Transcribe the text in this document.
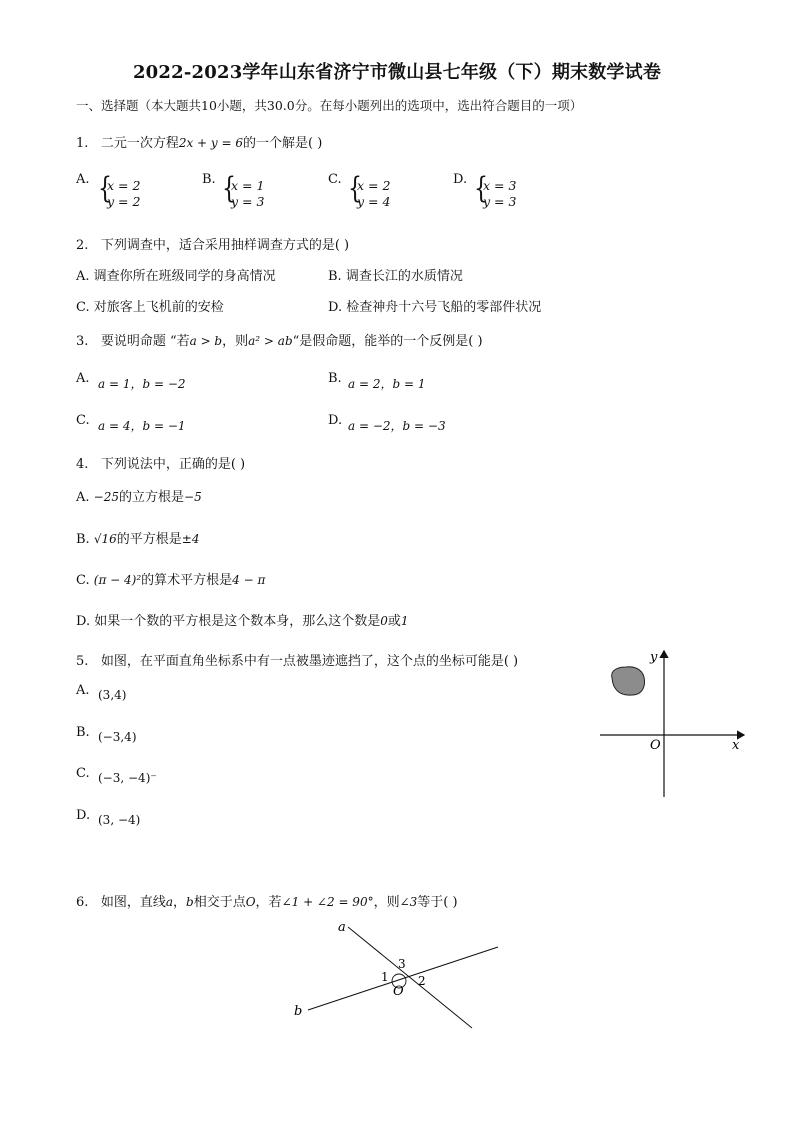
2022-2023学年山东省济宁市微山县七年级（下）期末数学试卷
一、选择题（本大题共10小题，共30.0分。在每小题列出的选项中，选出符合题目的一项）
1. 二元一次方程2x + y = 6的一个解是( )
A. {
x = 2
y = 2
B. {
x = 1
y = 3
C. {
x = 2
y = 4
D. {
x = 3
y = 3
2. 下列调查中，适合采用抽样调查方式的是( )
A. 调查你所在班级同学的身高情况	B. 调查长江的水质情况
C. 对旅客上飞机前的安检	D. 检查神舟十六号飞船的零部件状况
3. 要说明命题 “若a > b，则a² > ab“是假命题，能举的一个反例是( )
A. a = 1，b = −2	B. a = 2，b = 1
C. a = 4，b = −1	D. a = −2，b = −3
4. 下列说法中，正确的是( )
A. −25的立方根是−5
B. √16的平方根是±4
C. (π − 4)²的算术平方根是4 − π
D. 如果一个数的平方根是这个数本身，那么这个数是0或1
5. 如图，在平面直角坐标系中有一点被墨迹遮挡了，这个点的坐标可能是( )
A. (3,4)
B. (−3,4)
C. (−3, −4)⁻
D. (3, −4)
y
x
O
6. 如图，直线a，b相交于点O，若∠1 + ∠2 = 90°，则∠3等于( )
a
b
O
1 2
3
